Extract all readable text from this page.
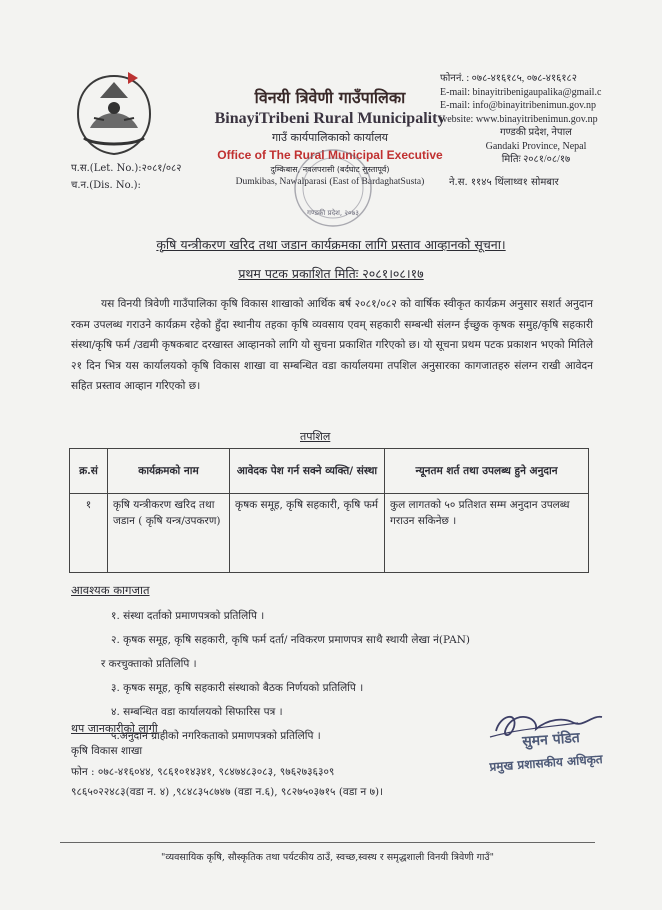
विनयी त्रिवेणी गाउँपालिका
BinayiTribeni Rural Municipality
गाउँ कार्यपालिकाको कार्यालय
Office of The Rural Municipal Executive
दुम्किबास, नवलपरासी (बर्दघाट सुस्तापूर्व)
Dumkibas, Nawalparasi (East of BardaghatSusta)
फोननं. : ०७८-४१६१८५, ०७८-४१६१८२
E-mail: binayitribenigaupalika@gmail.c
E-mail: info@binayitribenimun.gov.np
website: www.binayitribenimun.gov.np
गण्डकी प्रदेश, नेपाल
Gandaki Province, Nepal
मितिः २०८१/०८/१७
गण्डकी प्रदेश, २०७३
प.स.(Let. No.):२०८१/०८२
च.न.(Dis. No.):	ने.स. ११४५ थिंलाथ्व१ सोमबार
कृषि यन्त्रीकरण खरिद तथा जडान कार्यक्रमका लागि प्रस्ताव आव्हानको सूचना।
प्रथम पटक प्रकाशित मितिः २०८१।०८।१७
यस विनयी त्रिवेणी गाउँपालिका कृषि विकास शाखाको आर्थिक बर्ष २०८१/०८२ को वार्षिक स्वीकृत कार्यक्रम अनुसार सशर्त अनुदान रकम उपलब्ध गराउने कार्यक्रम रहेको हुँदा स्थानीय तहका कृषि व्यवसाय एवम् सहकारी सम्बन्धी संलग्न ईच्छुक कृषक समुह/कृषि सहकारी संस्था/कृषि फर्म /उद्यमी कृषकबाट दरखास्त आव्हानको लागि यो सुचना प्रकाशित गरिएको छ। यो सूचना प्रथम पटक प्रकाशन भएको मितिले २१ दिन भित्र यस कार्यालयको कृषि विकास शाखा वा सम्बन्धित वडा कार्यालयमा तपशिल अनुसारका कागजातहरु संलग्न राखी आवेदन सहित प्रस्ताव आव्हान गरिएको छ।
तपशिल
क्र.सं	कार्यक्रमको नाम	आवेदक पेश गर्न सक्ने व्यक्ति/ संस्था	न्यूनतम शर्त तथा उपलब्ध हुने अनुदान
१	कृषि यन्त्रीकरण खरिद तथा जडान ( कृषि यन्त्र/उपकरण)	कृषक समूह, कृषि सहकारी, कृषि फर्म	कुल लागतको ५० प्रतिशत सम्म अनुदान उपलब्ध गराउन सकिनेछ ।
आवश्यक कागजात
१. संस्था दर्ताको प्रमाणपत्रको प्रतिलिपि ।
२. कृषक समूह, कृषि सहकारी, कृषि फर्म दर्ता/ नविकरण प्रमाणपत्र साथै स्थायी लेखा नं(PAN)
र करचुक्ताको प्रतिलिपि ।
३. कृषक समूह, कृषि सहकारी संस्थाको बैठक निर्णयको प्रतिलिपि ।
४. सम्बन्धित वडा कार्यालयको सिफारिस पत्र ।
५.अनुदान ग्राहीको नगरिकताको प्रमाणपत्रको प्रतिलिपि ।
थप जानकारीको लागी
कृषि विकास शाखा
फोन : ०७८-४१६०४४, ९८६१०१४३४१, ९८४७४८३०८३, ९७६२७३६३०९
९८६५०२२४८३(वडा न. ४) ,९८४८३५८७४७ (वडा न.६), ९८२७५०३७१५ (वडा न ७)।
सुमन पंडित
प्रमुख प्रशासकीय अधिकृत
"व्यवसायिक कृषि, सौस्कृतिक तथा पर्यटकीय ठाउँ, स्वच्छ,स्वस्थ र समृद्धशाली विनयी त्रिवेणी गाउँ"
